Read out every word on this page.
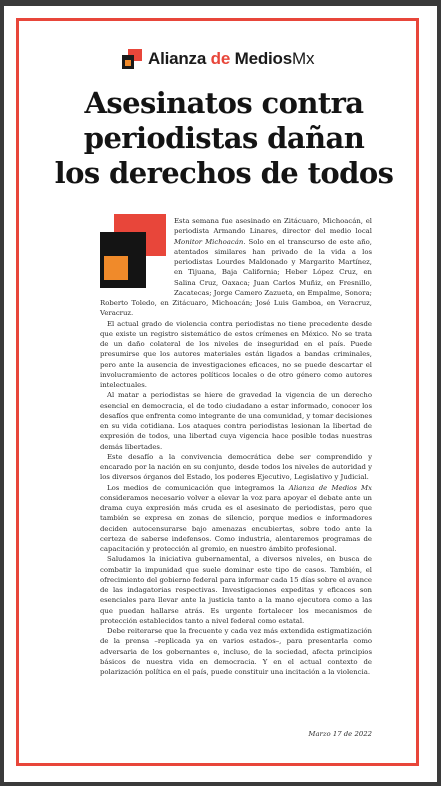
Alianza de MediosMx
Asesinatos contra
periodistas dañan
los derechos de todos

Esta semana fue asesinado en Zitácuaro, Michoacán, el periodista Armando Linares, director del medio local Monitor Michoacán. Solo en el transcurso de este año, atentados similares han privado de la vida a los periodistas Lourdes Maldonado y Margarito Martínez, en Tijuana, Baja California; Heber López Cruz, en Salina Cruz, Oaxaca; Juan Carlos Muñiz, en Fresnillo, Zacatecas; Jorge Camero Zazueta, en Empalme, Sonora; Roberto Toledo, en Zitácuaro, Michoacán; José Luis Gamboa, en Veracruz, Veracruz.

El actual grado de violencia contra periodistas no tiene precedente desde que existe un registro sistemático de estos crímenes en México. No se trata de un daño colateral de los niveles de inseguridad en el país. Puede presumirse que los autores materiales están ligados a bandas criminales, pero ante la ausencia de investigaciones eficaces, no se puede descartar el involucramiento de actores políticos locales o de otro género como autores intelectuales.

Al matar a periodistas se hiere de gravedad la vigencia de un derecho esencial en democracia, el de todo ciudadano a estar informado, conocer los desafíos que enfrenta como integrante de una comunidad, y tomar decisiones en su vida cotidiana. Los ataques contra periodistas lesionan la libertad de expresión de todos, una libertad cuya vigencia hace posible todas nuestras demás libertades.

Este desafío a la convivencia democrática debe ser comprendido y encarado por la nación en su conjunto, desde todos los niveles de autoridad y los diversos órganos del Estado, los poderes Ejecutivo, Legislativo y Judicial.

Los medios de comunicación que integramos la Alianza de Medios Mx consideramos necesario volver a elevar la voz para apoyar el debate ante un drama cuya expresión más cruda es el asesinato de periodistas, pero que también se expresa en zonas de silencio, porque medios e informadores deciden autocensurarse bajo amenazas encubiertas, sobre todo ante la certeza de saberse indefensos. Como industria, alentaremos programas de capacitación y protección al gremio, en nuestro ámbito profesional.

Saludamos la iniciativa gubernamental, a diversos niveles, en busca de combatir la impunidad que suele dominar este tipo de casos. También, el ofrecimiento del gobierno federal para informar cada 15 días sobre el avance de las indagatorias respectivas. Investigaciones expeditas y eficaces son esenciales para llevar ante la justicia tanto a la mano ejecutora como a las que puedan hallarse atrás. Es urgente fortalecer los mecanismos de protección establecidos tanto a nivel federal como estatal.

Debe reiterarse que la frecuente y cada vez más extendida estigmatización de la prensa –replicada ya en varios estados–, para presentarla como adversaria de los gobernantes e, incluso, de la sociedad, afecta principios básicos de nuestra vida en democracia. Y en el actual contexto de polarización política en el país, puede constituir una incitación a la violencia.

Marzo 17 de 2022
